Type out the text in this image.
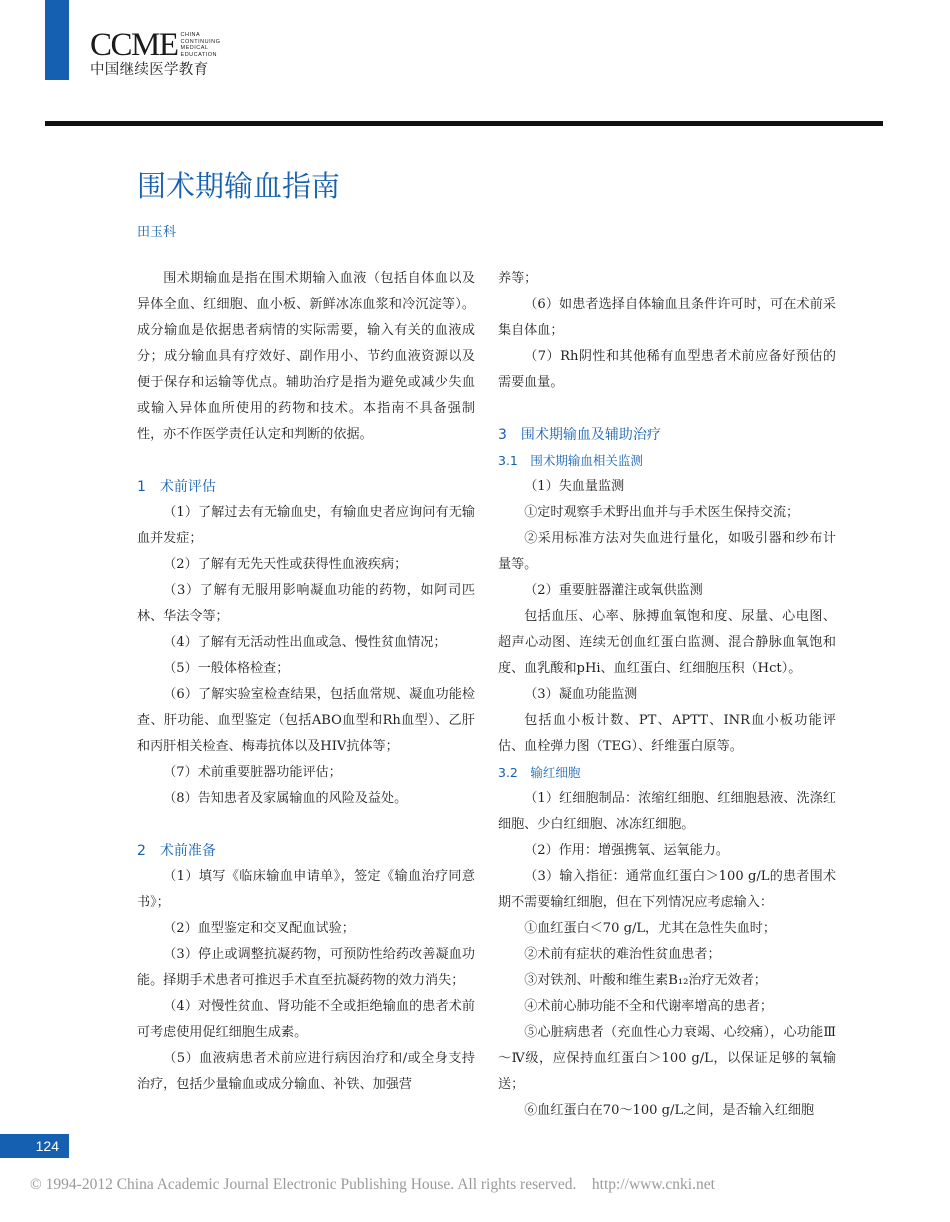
CCME CHINA
CONTINUING
MEDICAL
EDUCATION
中国继续医学教育
围术期输血指南
田玉科

围术期输血是指在围术期输入血液（包括自体血以及异体全血、红细胞、血小板、新鲜冰冻血浆和冷沉淀等）。成分输血是依据患者病情的实际需要，输入有关的血液成分；成分输血具有疗效好、副作用小、节约血液资源以及便于保存和运输等优点。辅助治疗是指为避免或减少失血或输入异体血所使用的药物和技术。本指南不具备强制性，亦不作医学责任认定和判断的依据。

1　术前评估

（1）了解过去有无输血史，有输血史者应询问有无输血并发症；

（2）了解有无先天性或获得性血液疾病；

（3）了解有无服用影响凝血功能的药物，如阿司匹林、华法令等；

（4）了解有无活动性出血或急、慢性贫血情况；

（5）一般体格检查；

（6）了解实验室检查结果，包括血常规、凝血功能检查、肝功能、血型鉴定（包括ABO血型和Rh血型）、乙肝和丙肝相关检查、梅毒抗体以及HIV抗体等；

（7）术前重要脏器功能评估；

（8）告知患者及家属输血的风险及益处。

2　术前准备

（1）填写《临床输血申请单》，签定《输血治疗同意书》；

（2）血型鉴定和交叉配血试验；

（3）停止或调整抗凝药物，可预防性给药改善凝血功能。择期手术患者可推迟手术直至抗凝药物的效力消失；

（4）对慢性贫血、肾功能不全或拒绝输血的患者术前可考虑使用促红细胞生成素。

（5）血液病患者术前应进行病因治疗和/或全身支持治疗，包括少量输血或成分输血、补铁、加强营

养等；

（6）如患者选择自体输血且条件许可时，可在术前采集自体血；

（7）Rh阴性和其他稀有血型患者术前应备好预估的需要血量。

3　围术期输血及辅助治疗
3.1　围术期输血相关监测

（1）失血量监测

①定时观察手术野出血并与手术医生保持交流；

②采用标准方法对失血进行量化，如吸引器和纱布计量等。

（2）重要脏器灌注或氧供监测

包括血压、心率、脉搏血氧饱和度、尿量、心电图、超声心动图、连续无创血红蛋白监测、混合静脉血氧饱和度、血乳酸和pHi、血红蛋白、红细胞压积（Hct）。

（3）凝血功能监测

包括血小板计数、PT、APTT、INR血小板功能评估、血栓弹力图（TEG）、纤维蛋白原等。

3.2　输红细胞

（1）红细胞制品：浓缩红细胞、红细胞悬液、洗涤红细胞、少白红细胞、冰冻红细胞。

（2）作用：增强携氧、运氧能力。

（3）输入指征：通常血红蛋白＞100 g/L的患者围术期不需要输红细胞，但在下列情况应考虑输入：

①血红蛋白＜70 g/L，尤其在急性失血时；

②术前有症状的难治性贫血患者；

③对铁剂、叶酸和维生素B₁₂治疗无效者；

④术前心肺功能不全和代谢率增高的患者；

⑤心脏病患者（充血性心力衰竭、心绞痛），心功能Ⅲ～Ⅳ级，应保持血红蛋白＞100 g/L，以保证足够的氧输送；

⑥血红蛋白在70～100 g/L之间，是否输入红细胞

124
© 1994-2012 China Academic Journal Electronic Publishing House. All rights reserved.    http://www.cnki.net
